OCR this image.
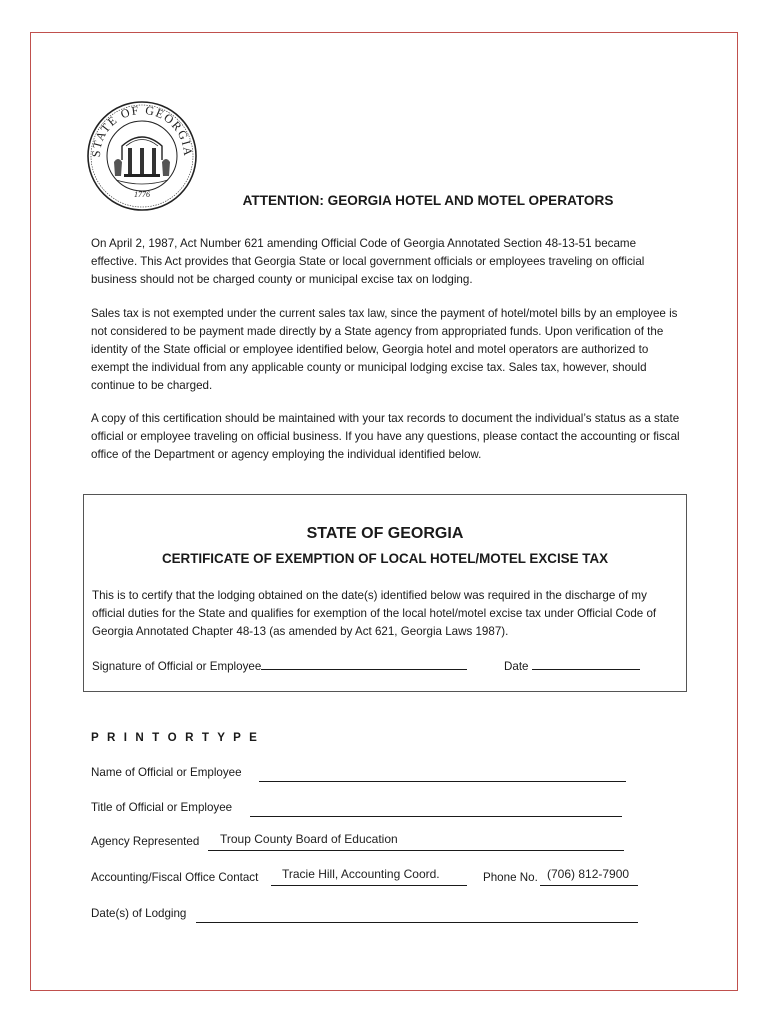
STATE OF GEORGIA
1776	ATTENTION: GEORGIA HOTEL AND MOTEL OPERATORS
On April 2, 1987, Act Number 621 amending Official Code of Georgia Annotated Section 48-13-51 became effective. This Act provides that Georgia State or local government officials or employees traveling on official business should not be charged county or municipal excise tax on lodging.
Sales tax is not exempted under the current sales tax law, since the payment of hotel/motel bills by an employee is not considered to be payment made directly by a State agency from appropriated funds. Upon verification of the identity of the State official or employee identified below, Georgia hotel and motel operators are authorized to exempt the individual from any applicable county or municipal lodging excise tax. Sales tax, however, should continue to be charged.
A copy of this certification should be maintained with your tax records to document the individual’s status as a state official or employee traveling on official business. If you have any questions, please contact the accounting or fiscal office of the Department or agency employing the individual identified below.
STATE OF GEORGIA
CERTIFICATE OF EXEMPTION OF LOCAL HOTEL/MOTEL EXCISE TAX
This is to certify that the lodging obtained on the date(s) identified below was required in the discharge of my official duties for the State and qualifies for exemption of the local hotel/motel excise tax under Official Code of Georgia Annotated Chapter 48-13 (as amended by Act 621, Georgia Laws 1987).
Signature of Official or Employee	Date
P R I N T O R T Y P E
Name of Official or Employee
Title of Official or Employee
Agency Represented Troup County Board of Education
Accounting/Fiscal Office Contact Tracie Hill, Accounting Coord.	Phone No. (706) 812-7900
Date(s) of Lodging
